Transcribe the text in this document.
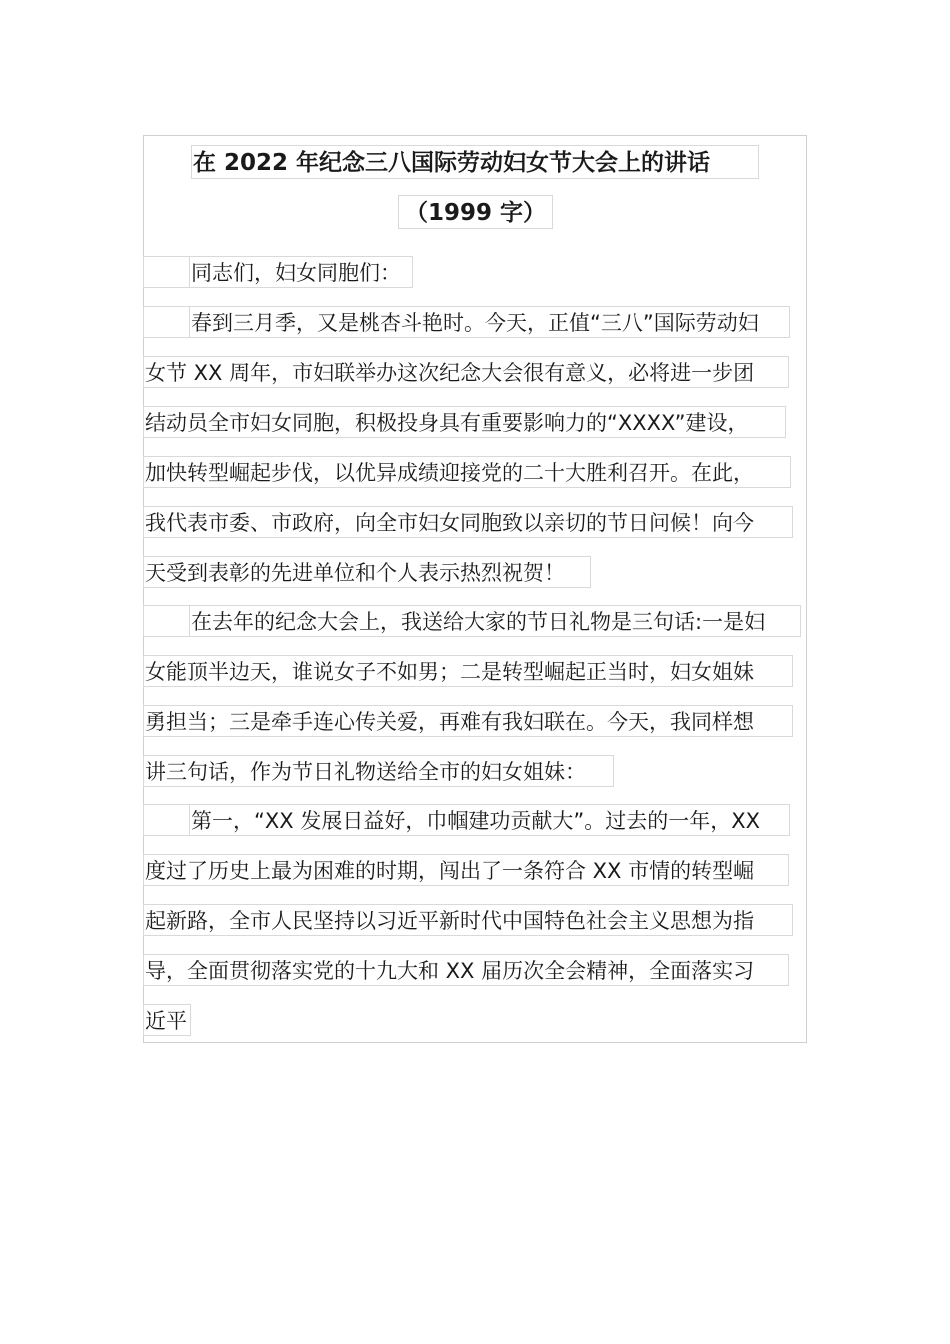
在 2022 年纪念三八国际劳动妇女节大会上的讲话
（1999 字）
同志们，妇女同胞们：
春到三月季，又是桃杏斗艳时。今天，正值“三八”国际劳动妇
女节 XX 周年，市妇联举办这次纪念大会很有意义，必将进一步团
结动员全市妇女同胞，积极投身具有重要影响力的“XXXX”建设，
加快转型崛起步伐，以优异成绩迎接党的二十大胜利召开。在此，
我代表市委、市政府，向全市妇女同胞致以亲切的节日问候！向今
天受到表彰的先进单位和个人表示热烈祝贺！
在去年的纪念大会上，我送给大家的节日礼物是三句话:一是妇
女能顶半边天，谁说女子不如男；二是转型崛起正当时，妇女姐妹
勇担当；三是牵手连心传关爱，再难有我妇联在。今天，我同样想
讲三句话，作为节日礼物送给全市的妇女姐妹：
第一，“XX 发展日益好，巾帼建功贡献大”。过去的一年，XX
度过了历史上最为困难的时期，闯出了一条符合 XX 市情的转型崛
起新路，全市人民坚持以习近平新时代中国特色社会主义思想为指
导，全面贯彻落实党的十九大和 XX 届历次全会精神，全面落实习
近平
